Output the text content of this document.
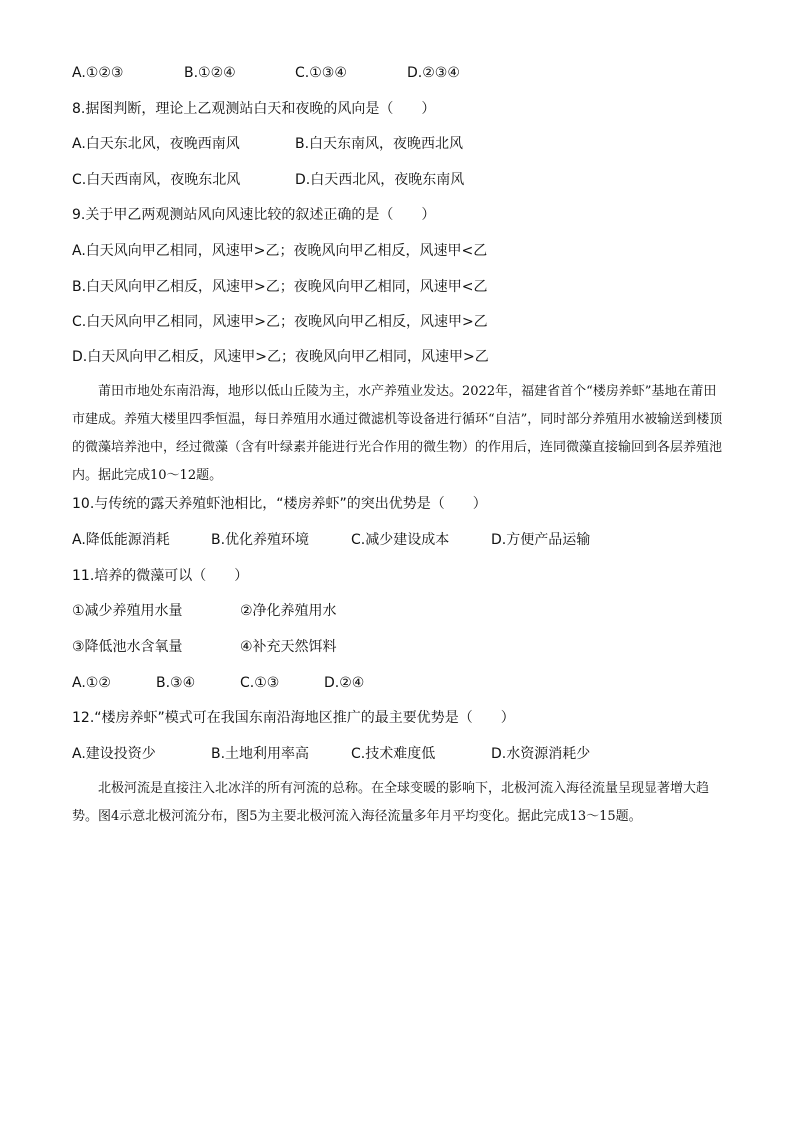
A.①②③	B.①②④	C.①③④	D.②③④
8.据图判断，理论上乙观测站白天和夜晚的风向是（　　）
A.白天东北风，夜晚西南风	B.白天东南风，夜晚西北风
C.白天西南风，夜晚东北风	D.白天西北风，夜晚东南风
9.关于甲乙两观测站风向风速比较的叙述正确的是（　　）
A.白天风向甲乙相同，风速甲>乙；夜晚风向甲乙相反，风速甲<乙
B.白天风向甲乙相反，风速甲>乙；夜晚风向甲乙相同，风速甲<乙
C.白天风向甲乙相同，风速甲>乙；夜晚风向甲乙相反，风速甲>乙
D.白天风向甲乙相反，风速甲>乙；夜晚风向甲乙相同，风速甲>乙
莆田市地处东南沿海，地形以低山丘陵为主，水产养殖业发达。2022年，福建省首个“楼房养虾”基地在莆田市建成。养殖大楼里四季恒温，每日养殖用水通过微滤机等设备进行循环“自洁”，同时部分养殖用水被输送到楼顶的微藻培养池中，经过微藻（含有叶绿素并能进行光合作用的微生物）的作用后，连同微藻直接输回到各层养殖池内。据此完成10～12题。
10.与传统的露天养殖虾池相比，“楼房养虾”的突出优势是（　　）
A.降低能源消耗	B.优化养殖环境	C.减少建设成本	D.方便产品运输
11.培养的微藻可以（　　）
①减少养殖用水量	②净化养殖用水
③降低池水含氧量	④补充天然饵料
A.①②	B.③④	C.①③	D.②④
12.“楼房养虾”模式可在我国东南沿海地区推广的最主要优势是（　　）
A.建设投资少	B.土地利用率高	C.技术难度低	D.水资源消耗少
北极河流是直接注入北冰洋的所有河流的总称。在全球变暖的影响下，北极河流入海径流量呈现显著增大趋势。图4示意北极河流分布，图5为主要北极河流入海径流量多年月平均变化。据此完成13～15题。
